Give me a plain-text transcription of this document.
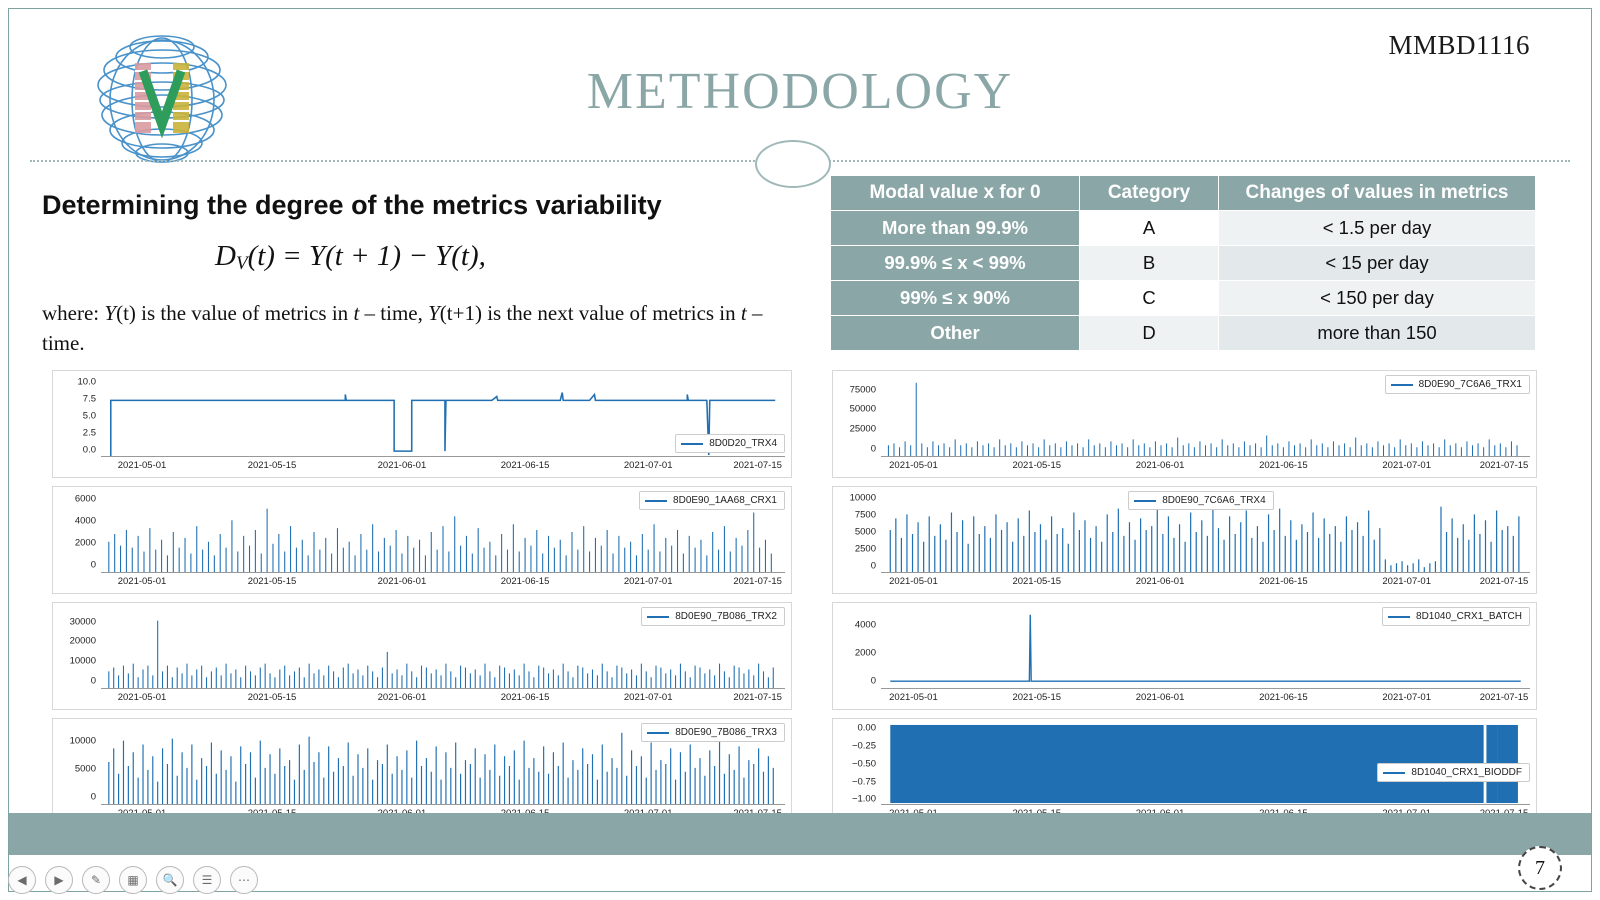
MMBD1116
METHODOLOGY
Determining the degree of the metrics variability
$D_V(t) = Y(t + 1) - Y(t)$,
where: Y(t) is the value of metrics in t – time, Y(t+1) is the next value of metrics in t – time.
Modal value x for 0	Category	Changes of values in metrics
More than 99.9%	A	< 1.5 per day
99.9% ≤ x < 99%	B	< 15 per day
99% ≤ x 90%	C	< 150 per day
Other	D	more than 150
10.0
7.5
5.0
2.5
0.0
2021-05-01	2021-05-15	2021-06-01	2021-06-15	2021-07-01	2021-07-15
8D0D20_TRX4
6000
4000
2000
0
2021-05-01	2021-05-15	2021-06-01	2021-06-15	2021-07-01	2021-07-15
8D0E90_1AA68_CRX1
30000
20000
10000
0
2021-05-01	2021-05-15	2021-06-01	2021-06-15	2021-07-01	2021-07-15
8D0E90_7B086_TRX2
10000
5000
0
8D0E90_7B086_TRX3
75000
50000
25000
0
2021-05-01	2021-05-15	2021-06-01	2021-06-15	2021-07-01	2021-07-15
8D0E90_7C6A6_TRX1
10000
7500
5000
2500
0
2021-05-01	2021-05-15	2021-06-01	2021-06-15	2021-07-01	2021-07-15
8D0E90_7C6A6_TRX4
4000
2000
0
2021-05-01	2021-05-15	2021-06-01	2021-06-15	2021-07-01	2021-07-15
8D1040_CRX1_BATCH
0.00
−0.25
−0.50
−0.75
−1.00
8D1040_CRX1_BIODDF
7
◀	▶	✎	▦	🔍	☰	⋯
